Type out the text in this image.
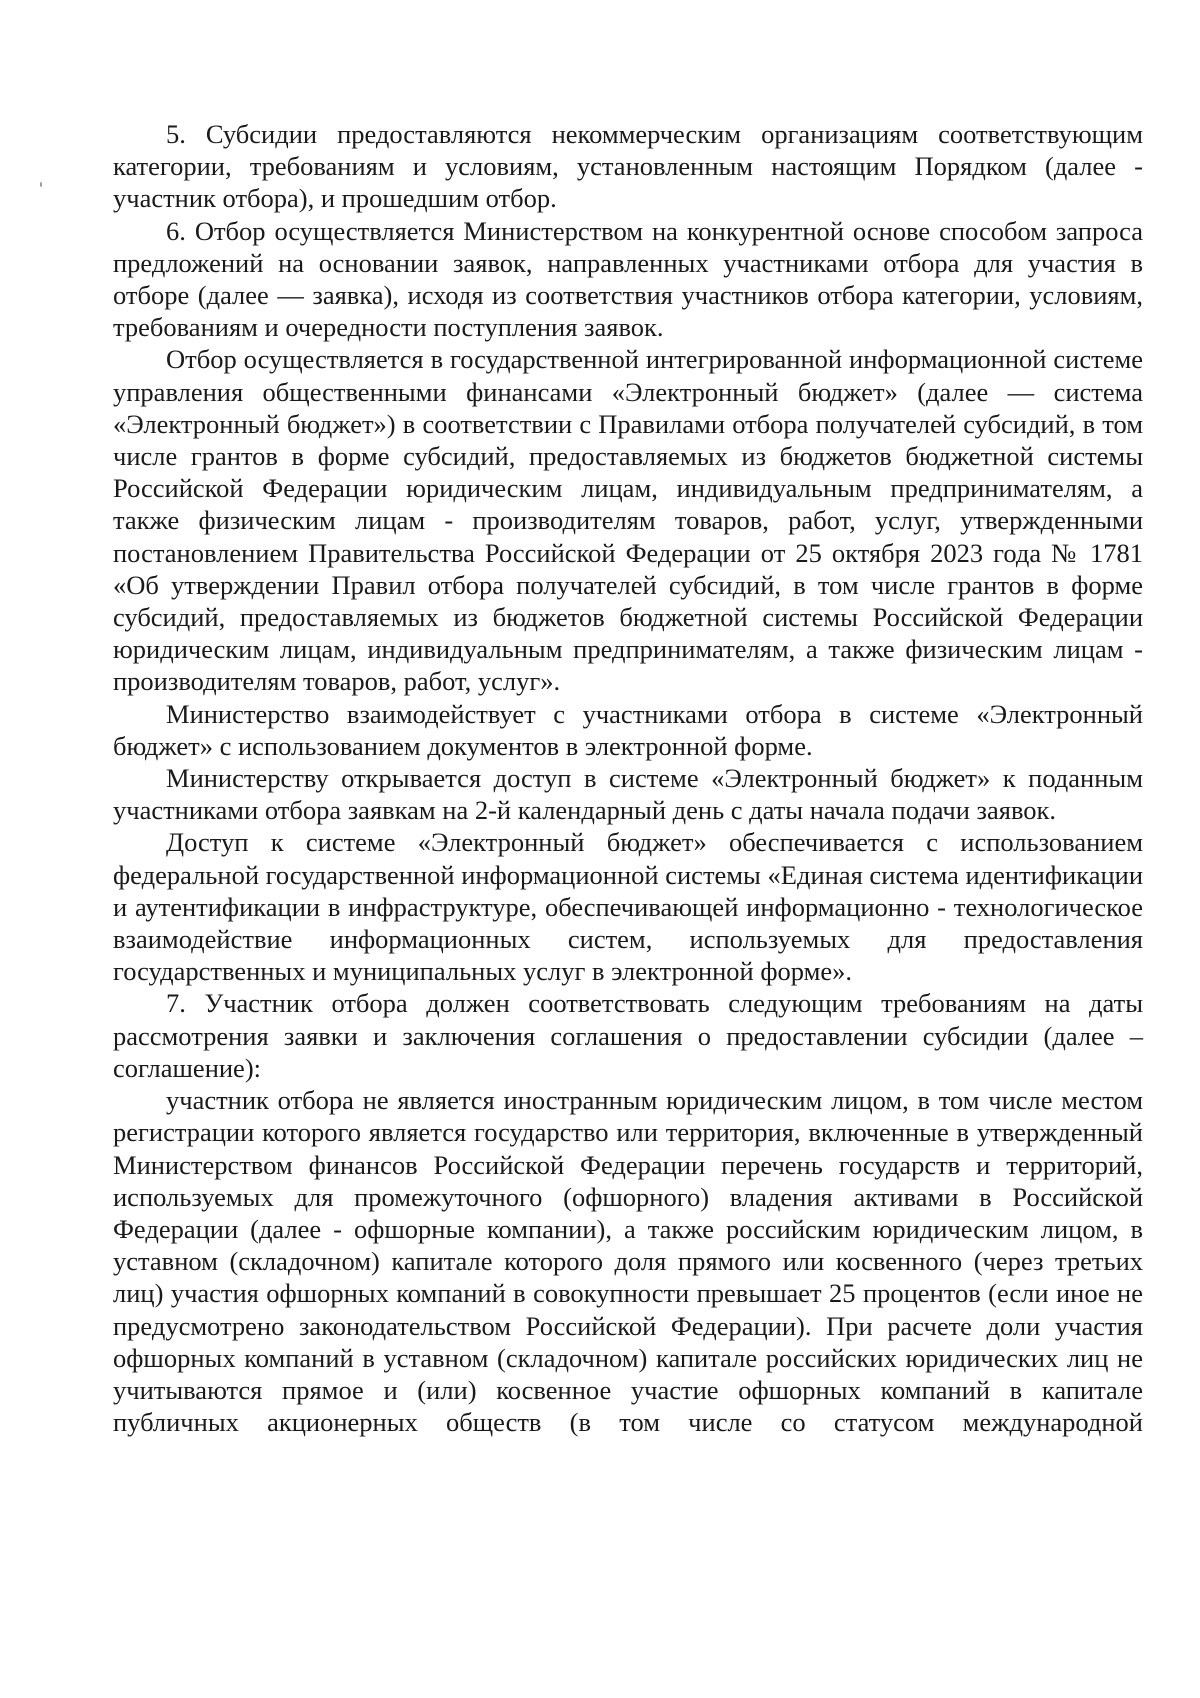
5. Субсидии предоставляются некоммерческим организациям соответствующим категории, требованиям и условиям, установленным настоящим Порядком (далее - участник отбора), и прошедшим отбор.

6. Отбор осуществляется Министерством на конкурентной основе способом запроса предложений на основании заявок, направленных участниками отбора для участия в отборе (далее — заявка), исходя из соответствия участников отбора категории, условиям, требованиям и очередности поступления заявок.

Отбор осуществляется в государственной интегрированной информационной системе управления общественными финансами «Электронный бюджет» (далее — система «Электронный бюджет») в соответствии с Правилами отбора получателей субсидий, в том числе грантов в форме субсидий, предоставляемых из бюджетов бюджетной системы Российской Федерации юридическим лицам, индивидуальным предпринимателям, а также физическим лицам - производителям товаров, работ, услуг, утвержденными постановлением Правительства Российской Федерации от 25 октября 2023 года № 1781 «Об утверждении Правил отбора получателей субсидий, в том числе грантов в форме субсидий, предоставляемых из бюджетов бюджетной системы Российской Федерации юридическим лицам, индивидуальным предпринимателям, а также физическим лицам - производителям товаров, работ, услуг».

Министерство взаимодействует с участниками отбора в системе «Электронный бюджет» с использованием документов в электронной форме.

Министерству открывается доступ в системе «Электронный бюджет» к поданным участниками отбора заявкам на 2-й календарный день с даты начала подачи заявок.

Доступ к системе «Электронный бюджет» обеспечивается с использованием федеральной государственной информационной системы «Единая система идентификации и аутентификации в инфраструктуре, обеспечивающей информационно - технологическое взаимодействие информационных систем, используемых для предоставления государственных и муниципальных услуг в электронной форме».

7. Участник отбора должен соответствовать следующим требованиям на даты рассмотрения заявки и заключения соглашения о предоставлении субсидии (далее – соглашение):

участник отбора не является иностранным юридическим лицом, в том числе местом регистрации которого является государство или территория, включенные в утвержденный Министерством финансов Российской Федерации перечень государств и территорий, используемых для промежуточного (офшорного) владения активами в Российской Федерации (далее - офшорные компании), а также российским юридическим лицом, в уставном (складочном) капитале которого доля прямого или косвенного (через третьих лиц) участия офшорных компаний в совокупности превышает 25 процентов (если иное не предусмотрено законодательством Российской Федерации). При расчете доли участия офшорных компаний в уставном (складочном) капитале российских юридических лиц не учитываются прямое и (или) косвенное участие офшорных компаний в капитале публичных акционерных обществ (в том числе со статусом международной
